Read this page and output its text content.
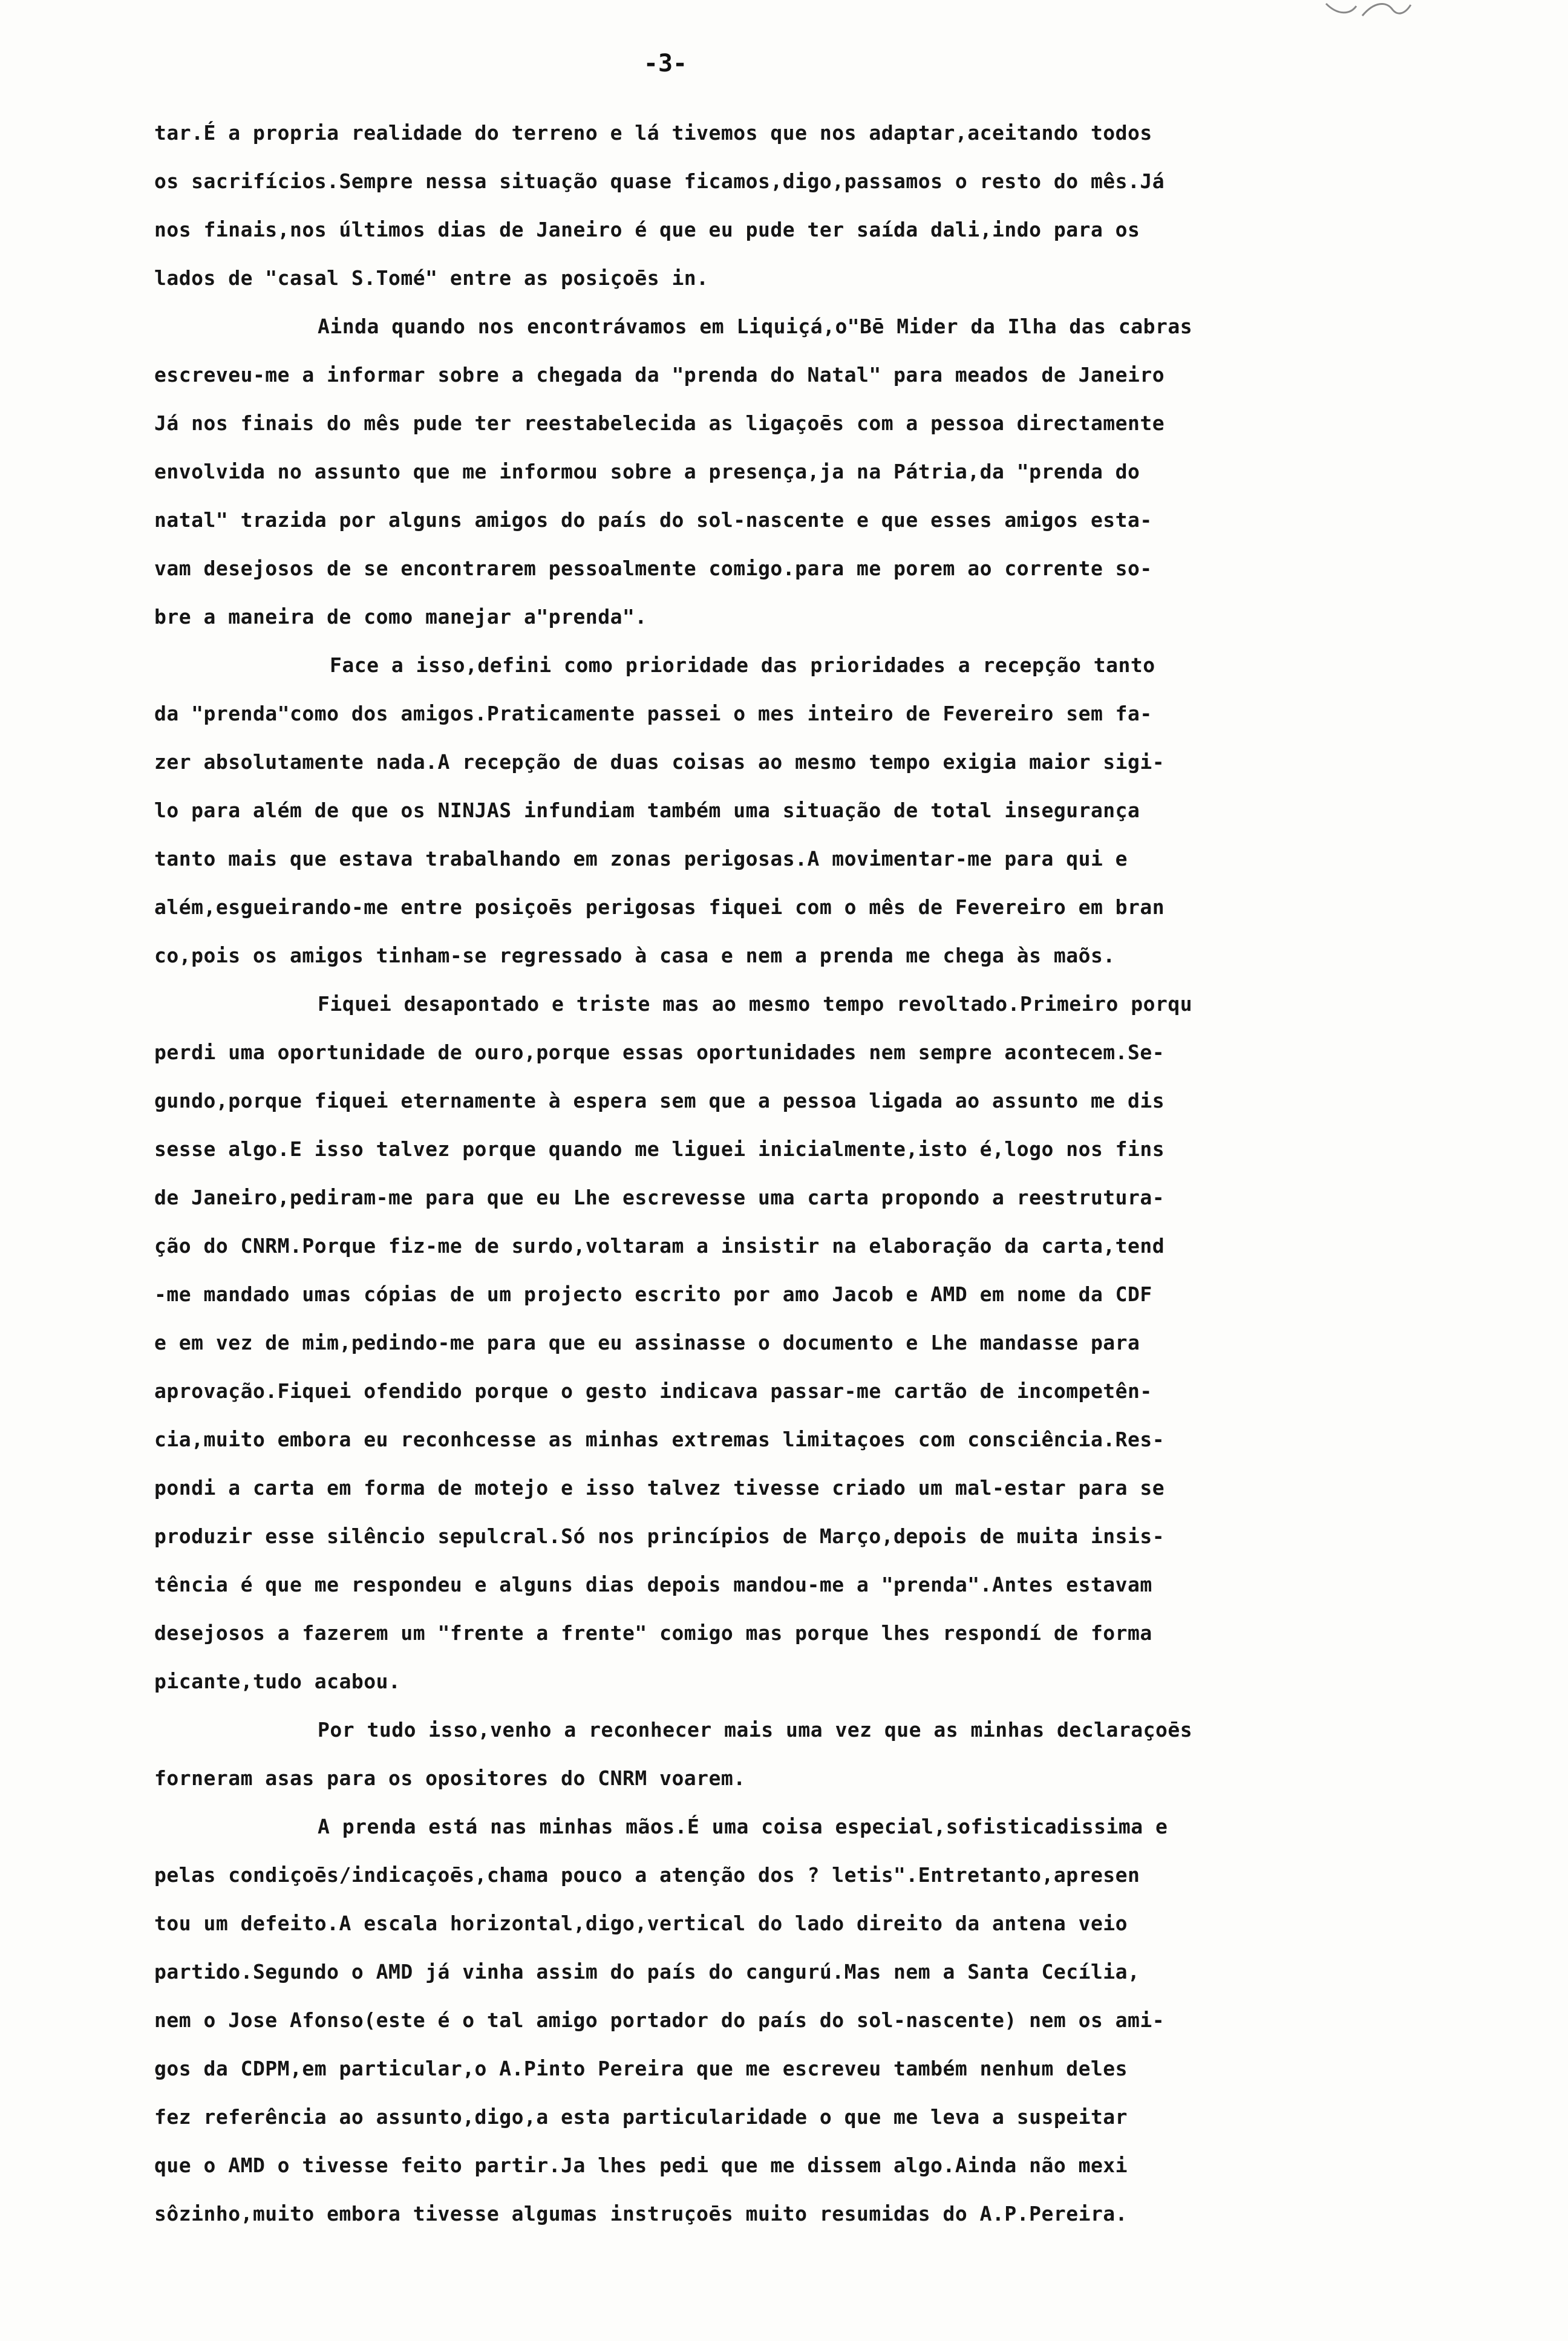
-3-
tar.É a propria realidade do terreno e lá tivemos que nos adaptar,aceitando todos
os sacrifícios.Sempre nessa situação quase ficamos,digo,passamos o resto do mês.Já
nos finais,nos últimos dias de Janeiro é que eu pude ter saída dali,indo para os
lados de "casal S.Tomé" entre as posiçoēs in.
Ainda quando nos encontrávamos em Liquiçá,o"Bē Mider da Ilha das cabras
escreveu-me a informar sobre a chegada da "prenda do Natal" para meados de Janeiro
Já nos finais do mês pude ter reestabelecida as ligaçoēs com a pessoa directamente
envolvida no assunto que me informou sobre a presença,ja na Pátria,da "prenda do
natal" trazida por alguns amigos do país do sol-nascente e que esses amigos esta-
vam desejosos de se encontrarem pessoalmente comigo.para me porem ao corrente so-
bre a maneira de como manejar a"prenda".
Face a isso,defini como prioridade das prioridades a recepção tanto
da "prenda"como dos amigos.Praticamente passei o mes inteiro de Fevereiro sem fa-
zer absolutamente nada.A recepção de duas coisas ao mesmo tempo exigia maior sigi-
lo para além de que os NINJAS infundiam também uma situação de total insegurança
tanto mais que estava trabalhando em zonas perigosas.A movimentar-me para qui e
além,esgueirando-me entre posiçoēs perigosas fiquei com o mês de Fevereiro em bran
co,pois os amigos tinham-se regressado à casa e nem a prenda me chega às maõs.
Fiquei desapontado e triste mas ao mesmo tempo revoltado.Primeiro porqu
perdi uma oportunidade de ouro,porque essas oportunidades nem sempre acontecem.Se-
gundo,porque fiquei eternamente à espera sem que a pessoa ligada ao assunto me dis
sesse algo.E isso talvez porque quando me liguei inicialmente,isto é,logo nos fins
de Janeiro,pediram-me para que eu Lhe escrevesse uma carta propondo a reestrutura-
ção do CNRM.Porque fiz-me de surdo,voltaram a insistir na elaboração da carta,tend
-me mandado umas cópias de um projecto escrito por amo Jacob e AMD em nome da CDF
e em vez de mim,pedindo-me para que eu assinasse o documento e Lhe mandasse para
aprovação.Fiquei ofendido porque o gesto indicava passar-me cartão de incompetên-
cia,muito embora eu reconhcesse as minhas extremas limitaçoes com consciência.Res-
pondi a carta em forma de motejo e isso talvez tivesse criado um mal-estar para se
produzir esse silêncio sepulcral.Só nos princípios de Março,depois de muita insis-
tência é que me respondeu e alguns dias depois mandou-me a "prenda".Antes estavam
desejosos a fazerem um "frente a frente" comigo mas porque lhes respondí de forma
picante,tudo acabou.
Por tudo isso,venho a reconhecer mais uma vez que as minhas declaraçoēs
forneram asas para os opositores do CNRM voarem.
A prenda está nas minhas mãos.É uma coisa especial,sofisticadissima e
pelas condiçoēs/indicaçoēs,chama pouco a atenção dos ? letis".Entretanto,apresen
tou um defeito.A escala horizontal,digo,vertical do lado direito da antena veio
partido.Segundo o AMD já vinha assim do país do cangurú.Mas nem a Santa Cecília,
nem o Jose Afonso(este é o tal amigo portador do país do sol-nascente) nem os ami-
gos da CDPM,em particular,o A.Pinto Pereira que me escreveu também nenhum deles
fez referência ao assunto,digo,a esta particularidade o que me leva a suspeitar
que o AMD o tivesse feito partir.Ja lhes pedi que me dissem algo.Ainda não mexi
sôzinho,muito embora tivesse algumas instruçoēs muito resumidas do A.P.Pereira.
